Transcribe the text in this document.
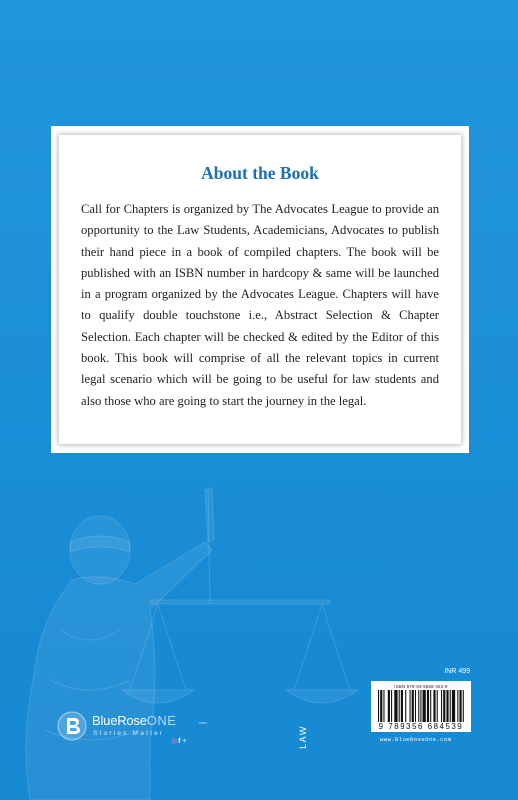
About the Book

Call for Chapters is organized by The Advocates League to provide an opportunity to the Law Students, Academicians, Advocates to publish their hand piece in a book of compiled chapters. The book will be published with an ISBN number in hardcopy & same will be launched in a program organized by the Advocates League. Chapters will have to qualify double touchstone i.e., Abstract Selection & Chapter Selection. Each chapter will be checked & edited by the Editor of this book. This book will comprise of all the relevant topics in current legal scenario which will be going to be useful for law students and also those who are going to start the journey in the legal.

BlueRoseONE	.com
Stories Matter
◎ f ✦	LAW
INR 499
ISBN 978-93-5668-453-9
9 789356 684539
www.BlueRoseOne.com
